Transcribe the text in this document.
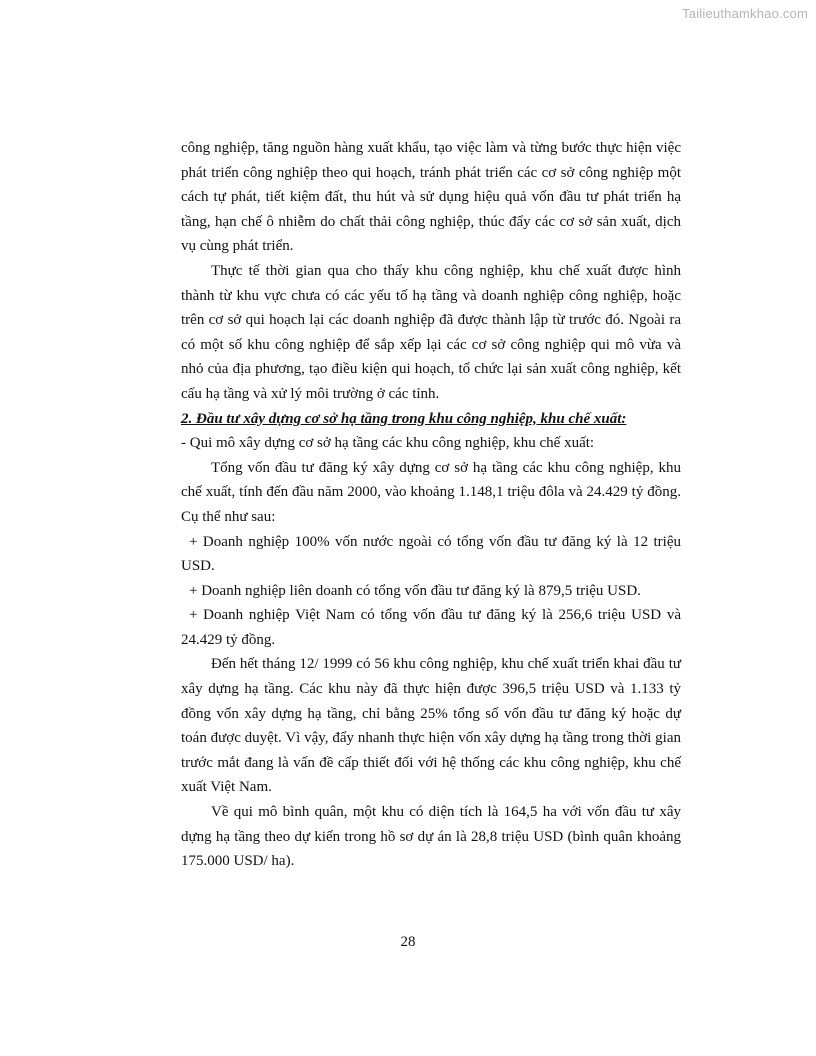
Tailieuthamkhao.com

công nghiệp, tăng nguồn hàng xuất khẩu, tạo việc làm và từng bước thực hiện việc phát triển công nghiệp theo qui hoạch, tránh phát triển các cơ sở công nghiệp một cách tự phát, tiết kiệm đất, thu hút và sử dụng hiệu quả vốn đầu tư phát triển hạ tầng, hạn chế ô nhiễm do chất thải công nghiệp, thúc đẩy các cơ sở sản xuất, dịch vụ cùng phát triển.

Thực tế thời gian qua cho thấy khu công nghiệp, khu chế xuất được hình thành từ khu vực chưa có các yếu tố hạ tầng và doanh nghiệp công nghiệp, hoặc trên cơ sở qui hoạch lại các doanh nghiệp đã được thành lập từ trước đó. Ngoài ra có một số khu công nghiệp để sắp xếp lại các cơ sở công nghiệp qui mô vừa và nhỏ của địa phương, tạo điều kiện qui hoạch, tổ chức lại sản xuất công nghiệp, kết cấu hạ tầng và xử lý môi trường ở các tỉnh.

2. Đầu tư xây dựng cơ sở hạ tầng trong khu công nghiệp, khu chế xuất:

- Qui mô xây dựng cơ sở hạ tầng các khu công nghiệp, khu chế xuất:

Tổng vốn đầu tư đăng ký xây dựng cơ sở hạ tầng các khu công nghiệp, khu chế xuất, tính đến đầu năm 2000, vào khoảng 1.148,1 triệu đôla và 24.429 tỷ đồng. Cụ thể như sau:

+ Doanh nghiệp 100% vốn nước ngoài có tổng vốn đầu tư đăng ký là 12 triệu USD.

+ Doanh nghiệp liên doanh có tổng vốn đầu tư đăng ký là 879,5 triệu USD.

+ Doanh nghiệp Việt Nam có tổng vốn đầu tư đăng ký là 256,6 triệu USD và 24.429 tỷ đồng.

Đến hết tháng 12/ 1999 có 56 khu công nghiệp, khu chế xuất triển khai đầu tư xây dựng hạ tầng. Các khu này đã thực hiện được 396,5 triệu USD và 1.133 tỷ đồng vốn xây dựng hạ tầng, chỉ bằng 25% tổng số vốn đầu tư đăng ký hoặc dự toán được duyệt. Vì vậy, đẩy nhanh thực hiện vốn xây dựng hạ tầng trong thời gian trước mắt đang là vấn đề cấp thiết đối với hệ thống các khu công nghiệp, khu chế xuất Việt Nam.

Về qui mô bình quân, một khu có diện tích là 164,5 ha với vốn đầu tư xây dựng hạ tầng theo dự kiến trong hồ sơ dự án là 28,8 triệu USD (bình quân khoảng 175.000 USD/ ha).

28
